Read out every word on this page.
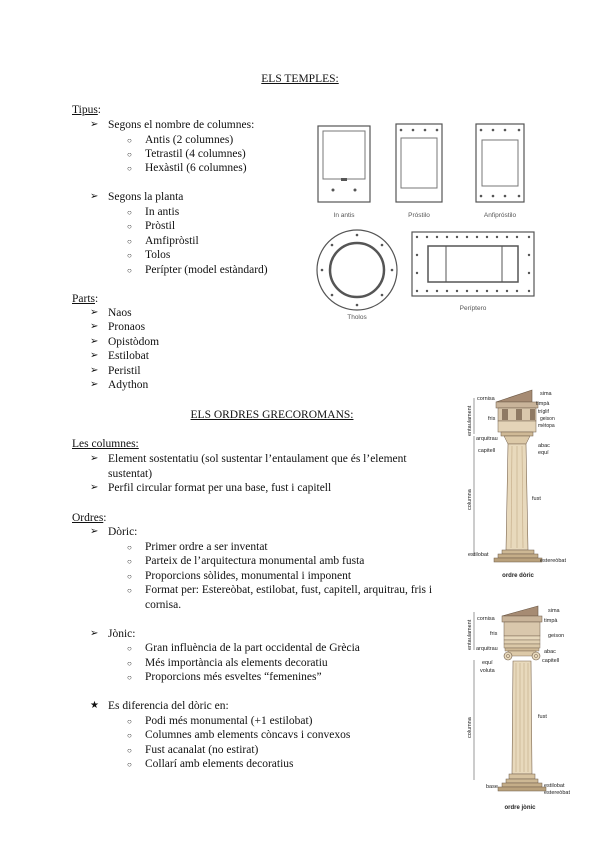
ELS TEMPLES:
Tipus:
➢ Segons el nombre de columnes:
○ Antis (2 columnes)
○ Tetrastil (4 columnes)
○ Hexàstil (6 columnes)
➢ Segons la planta
○ In antis
○ Pròstil
○ Amfipròstil
○ Tolos
○ Perípter (model estàndard)
Parts:
➢ Naos
➢ Pronaos
➢ Opistòdom
➢ Estilobat
➢ Peristil
➢ Adython
ELS ORDRES GRECOROMANS:
Les columnes:
➢ Element sostentatiu (sol sustentar l’entaulament que és l’element sustentat)
➢ Perfil circular format per una base, fust i capitell
Ordres:
➢ Dòric:
○ Primer ordre a ser inventat
○ Parteix de l’arquitectura monumental amb fusta
○ Proporcions sòlides, monumental i imponent
○ Format per: Estereòbat, estilobat, fust, capitell, arquitrau, fris i cornisa.
➢ Jònic:
○ Gran influència de la part occidental de Grècia
○ Més importància als elements decoratiu
○ Proporcions més esveltes “femenines”
★ Es diferencia del dòric en:
○ Podi més monumental (+1 estilobat)
○ Columnes amb elements còncavs i convexos
○ Fust acanalat (no estirat)
○ Collarí amb elements decoratius
In antis	Próstilo	Anfipróstilo
Tholos
Períptero
entaulament
columna
cornisa
fris
arquitrau
capitell
estilobat
sima
timpà
tríglif
geison
mètopa
abac
equí
fust
estereòbat
ordre dòric
entaulament
columna
cornisa
fris
arquitrau
equí
voluta
base
sima
timpà
geison
abac
capitell
fust
estilobat
estereòbat
ordre jònic
